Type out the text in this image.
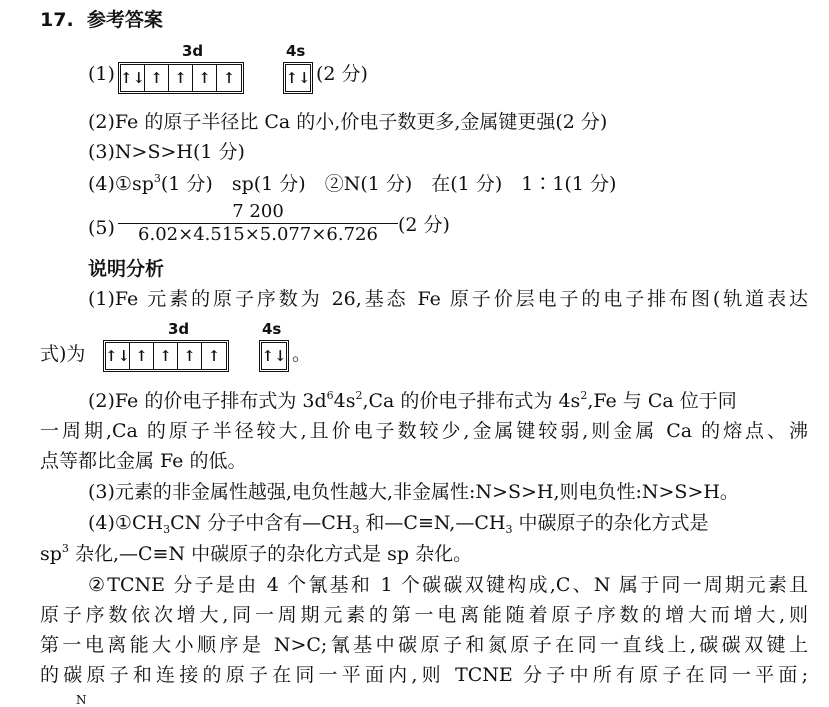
17. 参考答案
3d	4s
(1) ↑↓ ↑ ↑ ↑ ↑	↑↓ (2 分)
(2)Fe 的原子半径比 Ca 的小,价电子数更多,金属键更强(2 分)
(3)N>S>H(1 分)
$(4)①sp^3(1$ 分)　sp(1 分)　②N(1 分)　在(1 分)　1∶1(1 分)
(5)
7 200
6.02×4.515×5.077×6.726	(2 分)
说明分析
(1)Fe 元素的原子序数为 26,基态 Fe 原子价层电子的电子排布图(轨道表达
3d	4s
式)为 ↑↓ ↑ ↑ ↑ ↑	↑↓ 。
(2)Fe 的价电子排布式为 $3d^64s^2,Ca$ 的价电子排布式为 $4s^2,Fe$ 与 Ca 位于同
一周期,Ca 的原子半径较大,且价电子数较少,金属键较弱,则金属 Ca 的熔点、沸
点等都比金属 Fe 的低。
(3)元素的非金属性越强,电负性越大,非金属性:N>S>H,则电负性:N>S>H。
$(4)①CH_3CN$ 分子中含有$—CH_3$ 和$—C\equiv N,—CH_3$ 中碳原子的杂化方式是
$sp^3$ 杂化,—C≡N 中碳原子的杂化方式是 sp 杂化。
②TCNE 分子是由 4 个氰基和 1 个碳碳双键构成,C、N 属于同一周期元素且
原子序数依次增大,同一周期元素的第一电离能随着原子序数的增大而增大,则
第一电离能大小顺序是 N>C;氰基中碳原子和氮原子在同一直线上,碳碳双键上
的碳原子和连接的原子在同一平面内,则 TCNE 分子中所有原子在同一平面;
N
